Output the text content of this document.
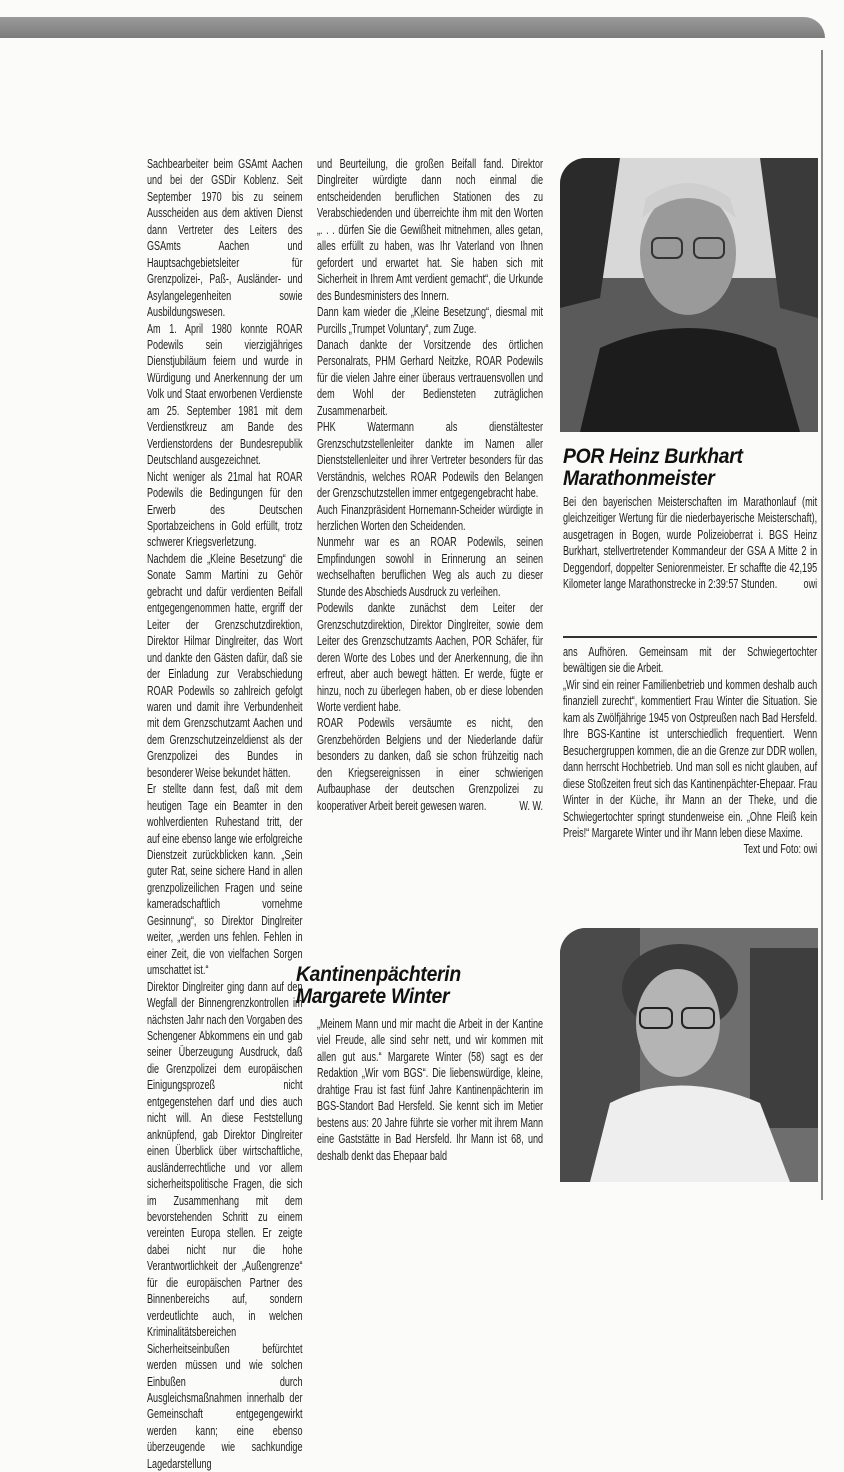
Sachbearbeiter beim GSAmt Aachen und bei der GSDir Koblenz. Seit September 1970 bis zu seinem Ausscheiden aus dem aktiven Dienst dann Vertreter des Leiters des GSAmts Aachen und Hauptsachgebietsleiter für Grenzpolizei-, Paß-, Ausländer- und Asylangelegenheiten sowie Ausbildungswesen.

Am 1. April 1980 konnte ROAR Podewils sein vierzigjähriges Dienstjubiläum feiern und wurde in Würdigung und Anerkennung der um Volk und Staat erworbenen Verdienste am 25. September 1981 mit dem Verdienstkreuz am Bande des Verdienstordens der Bundesrepublik Deutschland ausgezeichnet.

Nicht weniger als 21mal hat ROAR Podewils die Bedingungen für den Erwerb des Deutschen Sportabzeichens in Gold erfüllt, trotz schwerer Kriegsverletzung.

Nachdem die „Kleine Besetzung“ die Sonate Samm Martini zu Gehör gebracht und dafür verdienten Beifall entgegengenommen hatte, ergriff der Leiter der Grenzschutzdirektion, Direktor Hilmar Dinglreiter, das Wort und dankte den Gästen dafür, daß sie der Einladung zur Verabschiedung ROAR Podewils so zahlreich gefolgt waren und damit ihre Verbundenheit mit dem Grenzschutzamt Aachen und dem Grenzschutzeinzeldienst als der Grenzpolizei des Bundes in besonderer Weise bekundet hätten.

Er stellte dann fest, daß mit dem heutigen Tage ein Beamter in den wohlverdienten Ruhestand tritt, der auf eine ebenso lange wie erfolgreiche Dienstzeit zurückblicken kann. „Sein guter Rat, seine sichere Hand in allen grenzpolizeilichen Fragen und seine kameradschaftlich vornehme Gesinnung“, so Direktor Dinglreiter weiter, „werden uns fehlen. Fehlen in einer Zeit, die von vielfachen Sorgen umschattet ist.“

Direktor Dinglreiter ging dann auf den Wegfall der Binnengrenzkontrollen im nächsten Jahr nach den Vorgaben des Schengener Abkommens ein und gab seiner Überzeugung Ausdruck, daß die Grenzpolizei dem europäischen Einigungsprozeß nicht entgegenstehen darf und dies auch nicht will. An diese Feststellung anknüpfend, gab Direktor Dinglreiter einen Überblick über wirtschaftliche, ausländerrechtliche und vor allem sicherheitspolitische Fragen, die sich im Zusammenhang mit dem bevorstehenden Schritt zu einem vereinten Europa stellen. Er zeigte dabei nicht nur die hohe Verantwortlichkeit der „Außengrenze“ für die europäischen Partner des Binnenbereichs auf, sondern verdeutlichte auch, in welchen Kriminalitätsbereichen Sicherheitseinbußen befürchtet werden müssen und wie solchen Einbußen durch Ausgleichsmaßnahmen innerhalb der Gemeinschaft entgegengewirkt werden kann; eine ebenso überzeugende wie sachkundige Lagedarstellung

und Beurteilung, die großen Beifall fand. Direktor Dinglreiter würdigte dann noch einmal die entscheidenden beruflichen Stationen des zu Verabschiedenden und überreichte ihm mit den Worten „. . . dürfen Sie die Gewißheit mitnehmen, alles getan, alles erfüllt zu haben, was Ihr Vaterland von Ihnen gefordert und erwartet hat. Sie haben sich mit Sicherheit in Ihrem Amt verdient gemacht“, die Urkunde des Bundesministers des Innern.

Dann kam wieder die „Kleine Besetzung“, diesmal mit Purcills „Trumpet Voluntary“, zum Zuge.

Danach dankte der Vorsitzende des örtlichen Personalrats, PHM Gerhard Neitzke, ROAR Podewils für die vielen Jahre einer überaus vertrauensvollen und dem Wohl der Bediensteten zuträglichen Zusammenarbeit.

PHK Watermann als dienstältester Grenzschutzstellenleiter dankte im Namen aller Dienststellenleiter und ihrer Vertreter besonders für das Verständnis, welches ROAR Podewils den Belangen der Grenzschutzstellen immer entgegengebracht habe.

Auch Finanzpräsident Hornemann-Scheider würdigte in herzlichen Worten den Scheidenden.

Nunmehr war es an ROAR Podewils, seinen Empfindungen sowohl in Erinnerung an seinen wechselhaften beruflichen Weg als auch zu dieser Stunde des Abschieds Ausdruck zu verleihen.

Podewils dankte zunächst dem Leiter der Grenzschutzdirektion, Direktor Dinglreiter, sowie dem Leiter des Grenzschutzamts Aachen, POR Schäfer, für deren Worte des Lobes und der Anerkennung, die ihn erfreut, aber auch bewegt hätten. Er werde, fügte er hinzu, noch zu überlegen haben, ob er diese lobenden Worte verdient habe.

ROAR Podewils versäumte es nicht, den Grenzbehörden Belgiens und der Niederlande dafür besonders zu danken, daß sie schon frühzeitig nach den Kriegsereignissen in einer schwierigen Aufbauphase der deutschen Grenzpolizei zu kooperativer Arbeit bereit gewesen waren.	W. W.

Kantinenpächterin
Margarete Winter

„Meinem Mann und mir macht die Arbeit in der Kantine viel Freude, alle sind sehr nett, und wir kommen mit allen gut aus.“ Margarete Winter (58) sagt es der Redaktion „Wir vom BGS“. Die liebenswürdige, kleine, drahtige Frau ist fast fünf Jahre Kantinenpächterin im BGS-Standort Bad Hersfeld. Sie kennt sich im Metier bestens aus: 20 Jahre führte sie vorher mit ihrem Mann eine Gaststätte in Bad Hersfeld. Ihr Mann ist 68, und deshalb denkt das Ehepaar bald

POR Heinz Burkhart
Marathonmeister

Bei den bayerischen Meisterschaften im Marathonlauf (mit gleichzeitiger Wertung für die niederbayerische Meisterschaft), ausgetragen in Bogen, wurde Polizeioberrat i. BGS Heinz Burkhart, stellvertretender Kommandeur der GSA A Mitte 2 in Deggendorf, doppelter Seniorenmeister. Er schaffte die 42,195 Kilometer lange Marathonstrecke in 2:39:57 Stunden.	owi

ans Aufhören. Gemeinsam mit der Schwiegertochter bewältigen sie die Arbeit.

„Wir sind ein reiner Familienbetrieb und kommen deshalb auch finanziell zurecht“, kommentiert Frau Winter die Situation. Sie kam als Zwölfjährige 1945 von Ostpreußen nach Bad Hersfeld. Ihre BGS-Kantine ist unterschiedlich frequentiert. Wenn Besuchergruppen kommen, die an die Grenze zur DDR wollen, dann herrscht Hochbetrieb. Und man soll es nicht glauben, auf diese Stoßzeiten freut sich das Kantinenpächter-Ehepaar. Frau Winter in der Küche, ihr Mann an der Theke, und die Schwiegertochter springt stundenweise ein. „Ohne Fleiß kein Preis!“ Margarete Winter und ihr Mann leben diese Maxime.

Text und Foto: owi
